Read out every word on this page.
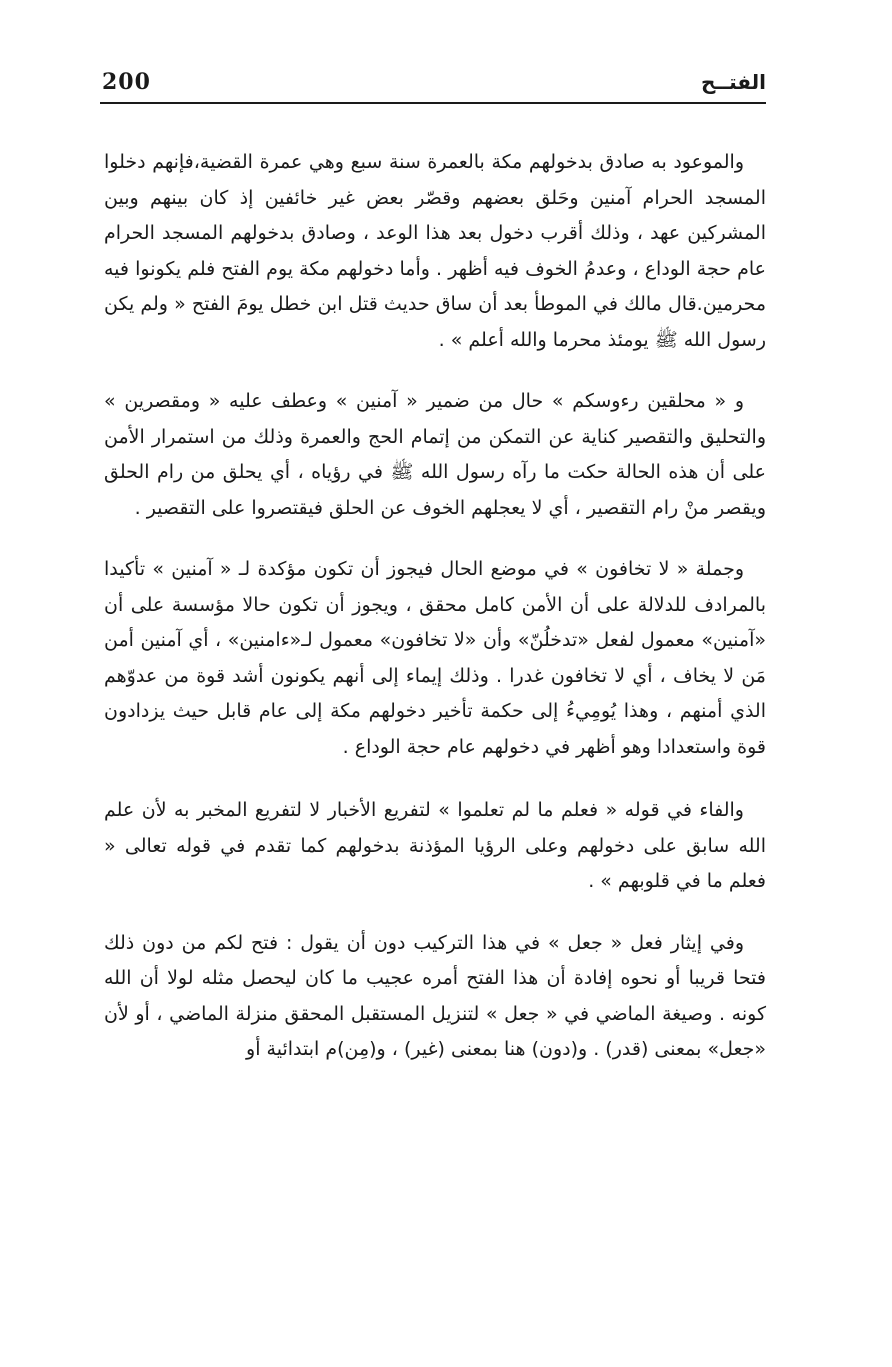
200	الفتــح

والموعود به صادق بدخولهم مكة بالعمرة سنة سبع وهي عمرة القضية،فإنهم دخلوا المسجد الحرام آمنين وحَلق بعضهم وقصّر بعض غير خائفين إذ كان بينهم وبين المشركين عهد ، وذلك أقرب دخول بعد هذا الوعد ، وصادق بدخولهم المسجد الحرام عام حجة الوداع ، وعدمُ الخوف فيه أظهر . وأما دخولهم مكة يوم الفتح فلم يكونوا فيه محرمين.قال مالك في الموطأ بعد أن ساق حديث قتل ابن خطل يومَ الفتح « ولم يكن رسول الله ﷺ يومئذ محرما والله أعلم » .

و « محلقين رءوسكم » حال من ضمير « آمنين » وعطف عليه « ومقصرين » والتحليق والتقصير كناية عن التمكن من إتمام الحج والعمرة وذلك من استمرار الأمن على أن هذه الحالة حكت ما رآه رسول الله ﷺ في رؤياه ، أي يحلق من رام الحلق ويقصر منْ رام التقصير ، أي لا يعجلهم الخوف عن الحلق فيقتصروا على التقصير .

وجملة « لا تخافون » في موضع الحال فيجوز أن تكون مؤكدة لـ « آمنين » تأكيدا بالمرادف للدلالة على أن الأمن كامل محقق ، ويجوز أن تكون حالا مؤسسة على أن «آمنين» معمول لفعل «تدخلُنّ» وأن «لا تخافون» معمول لـ«ءامنين» ، أي آمنين أمن مَن لا يخاف ، أي لا تخافون غدرا . وذلك إيماء إلى أنهم يكونون أشد قوة من عدوّهم الذي أمنهم ، وهذا يُومِيءُ إلى حكمة تأخير دخولهم مكة إلى عام قابل حيث يزدادون قوة واستعدادا وهو أظهر في دخولهم عام حجة الوداع .

والفاء في قوله « فعلم ما لم تعلموا » لتفريع الأخبار لا لتفريع المخبر به لأن علم الله سابق على دخولهم وعلى الرؤيا المؤذنة بدخولهم كما تقدم في قوله تعالى « فعلم ما في قلوبهم » .

وفي إيثار فعل « جعل » في هذا التركيب دون أن يقول : فتح لكم من دون ذلك فتحا قريبا أو نحوه إفادة أن هذا الفتح أمره عجيب ما كان ليحصل مثله لولا أن الله كونه . وصيغة الماضي في « جعل » لتنزيل المستقبل المحقق منزلة الماضي ، أو لأن «جعل» بمعنى (قدر) . و(دون) هنا بمعنى (غير) ، و(مِن)م ابتدائية أو
